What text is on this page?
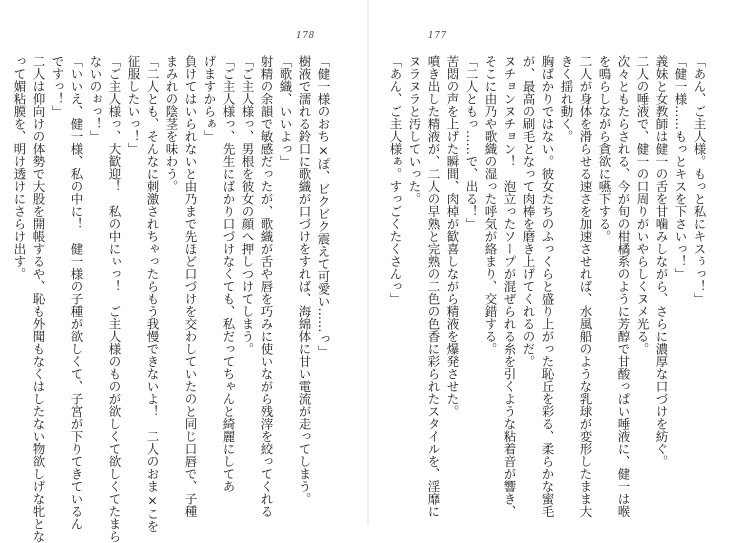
178
「健一様のおち×ぽ、ビクビク震えて可愛い……っ」
樹液で濡れる鈴口に歌織が口づけをすれば、海綿体に甘い電流が走ってしまう。
「歌織、いいよっ」
射精の余韻で敏感だったが、歌織が舌や唇を巧みに使いながら残滓を絞ってくれる
「ご主人様っ、男根を彼女の顔へ押しつけてしまう。
「ご主人様っ、先生にばかり口づけなくても、私だってちゃんと綺麗にしてあ
げますからぁ」
負けてはいられないと由乃まで先ほど口づけを交わしていたのと同じ口唇で、子種
まみれの陰茎を味わう。
「二人とも、そんなに刺激されちゃったらもう我慢できないよ！　二人のおま×こを
征服したいっ！」
「ご主人様っ、大歓迎！　私の中にぃっ！　ご主人様のものが欲しくて欲しくてたまら
ないのぉっ！」
「いいえ、健一様、私の中に！　健一様の子種が欲しくて、子宮が下りてきているん
ですっ！」
二人は仰向けの体勢で大股を開帳するや、恥も外聞もなくはしたない物欲しげな牝とな
って媚粘膜を、明け透けにさらけ出す。
177
「あん、ご主人様。もっと私にキスぅっ！」
「健一様……もっとキスを下さいっ！」
義妹と女教師は健一の舌を甘噛みしながら、さらに濃厚な口づけを紡ぐ。
二人の唾液で、健一の口周りがいやらしくヌメ光る。
次々ともたらされる、今が旬の柑橘系のように芳醇で甘酸っぱい唾液に、健一は喉
を鳴らしながら貪欲に嚥下する。
二人が身体を滑らせる速さを加速させれば、水風船のような乳球が変形したまま大
きく揺れ動く。
胸ばかりではない。彼女たちのふっくらと盛り上がった恥丘を彩る、柔らかな蜜毛
が、最高の刷毛となって肉棒を磨き上げてくれるのだ。
ヌチョンヌチョン！　泡立ったソープが混ぜられる糸を引くような粘着音が響き、
そこに由乃や歌織の湿った呼気が絡まり、交錯する。
「二人ともっ……で、出る！」
苦悶の声を上げた瞬間、肉棹が歓喜しながら精液を爆発させた。
噴き出した精液が、二人の早熟と完熟の二色の色香に彩られたスタイルを、淫靡に
ヌラヌラと汚していった。
「あん、ご主人様ぁ。すっごくたくさんっ」
